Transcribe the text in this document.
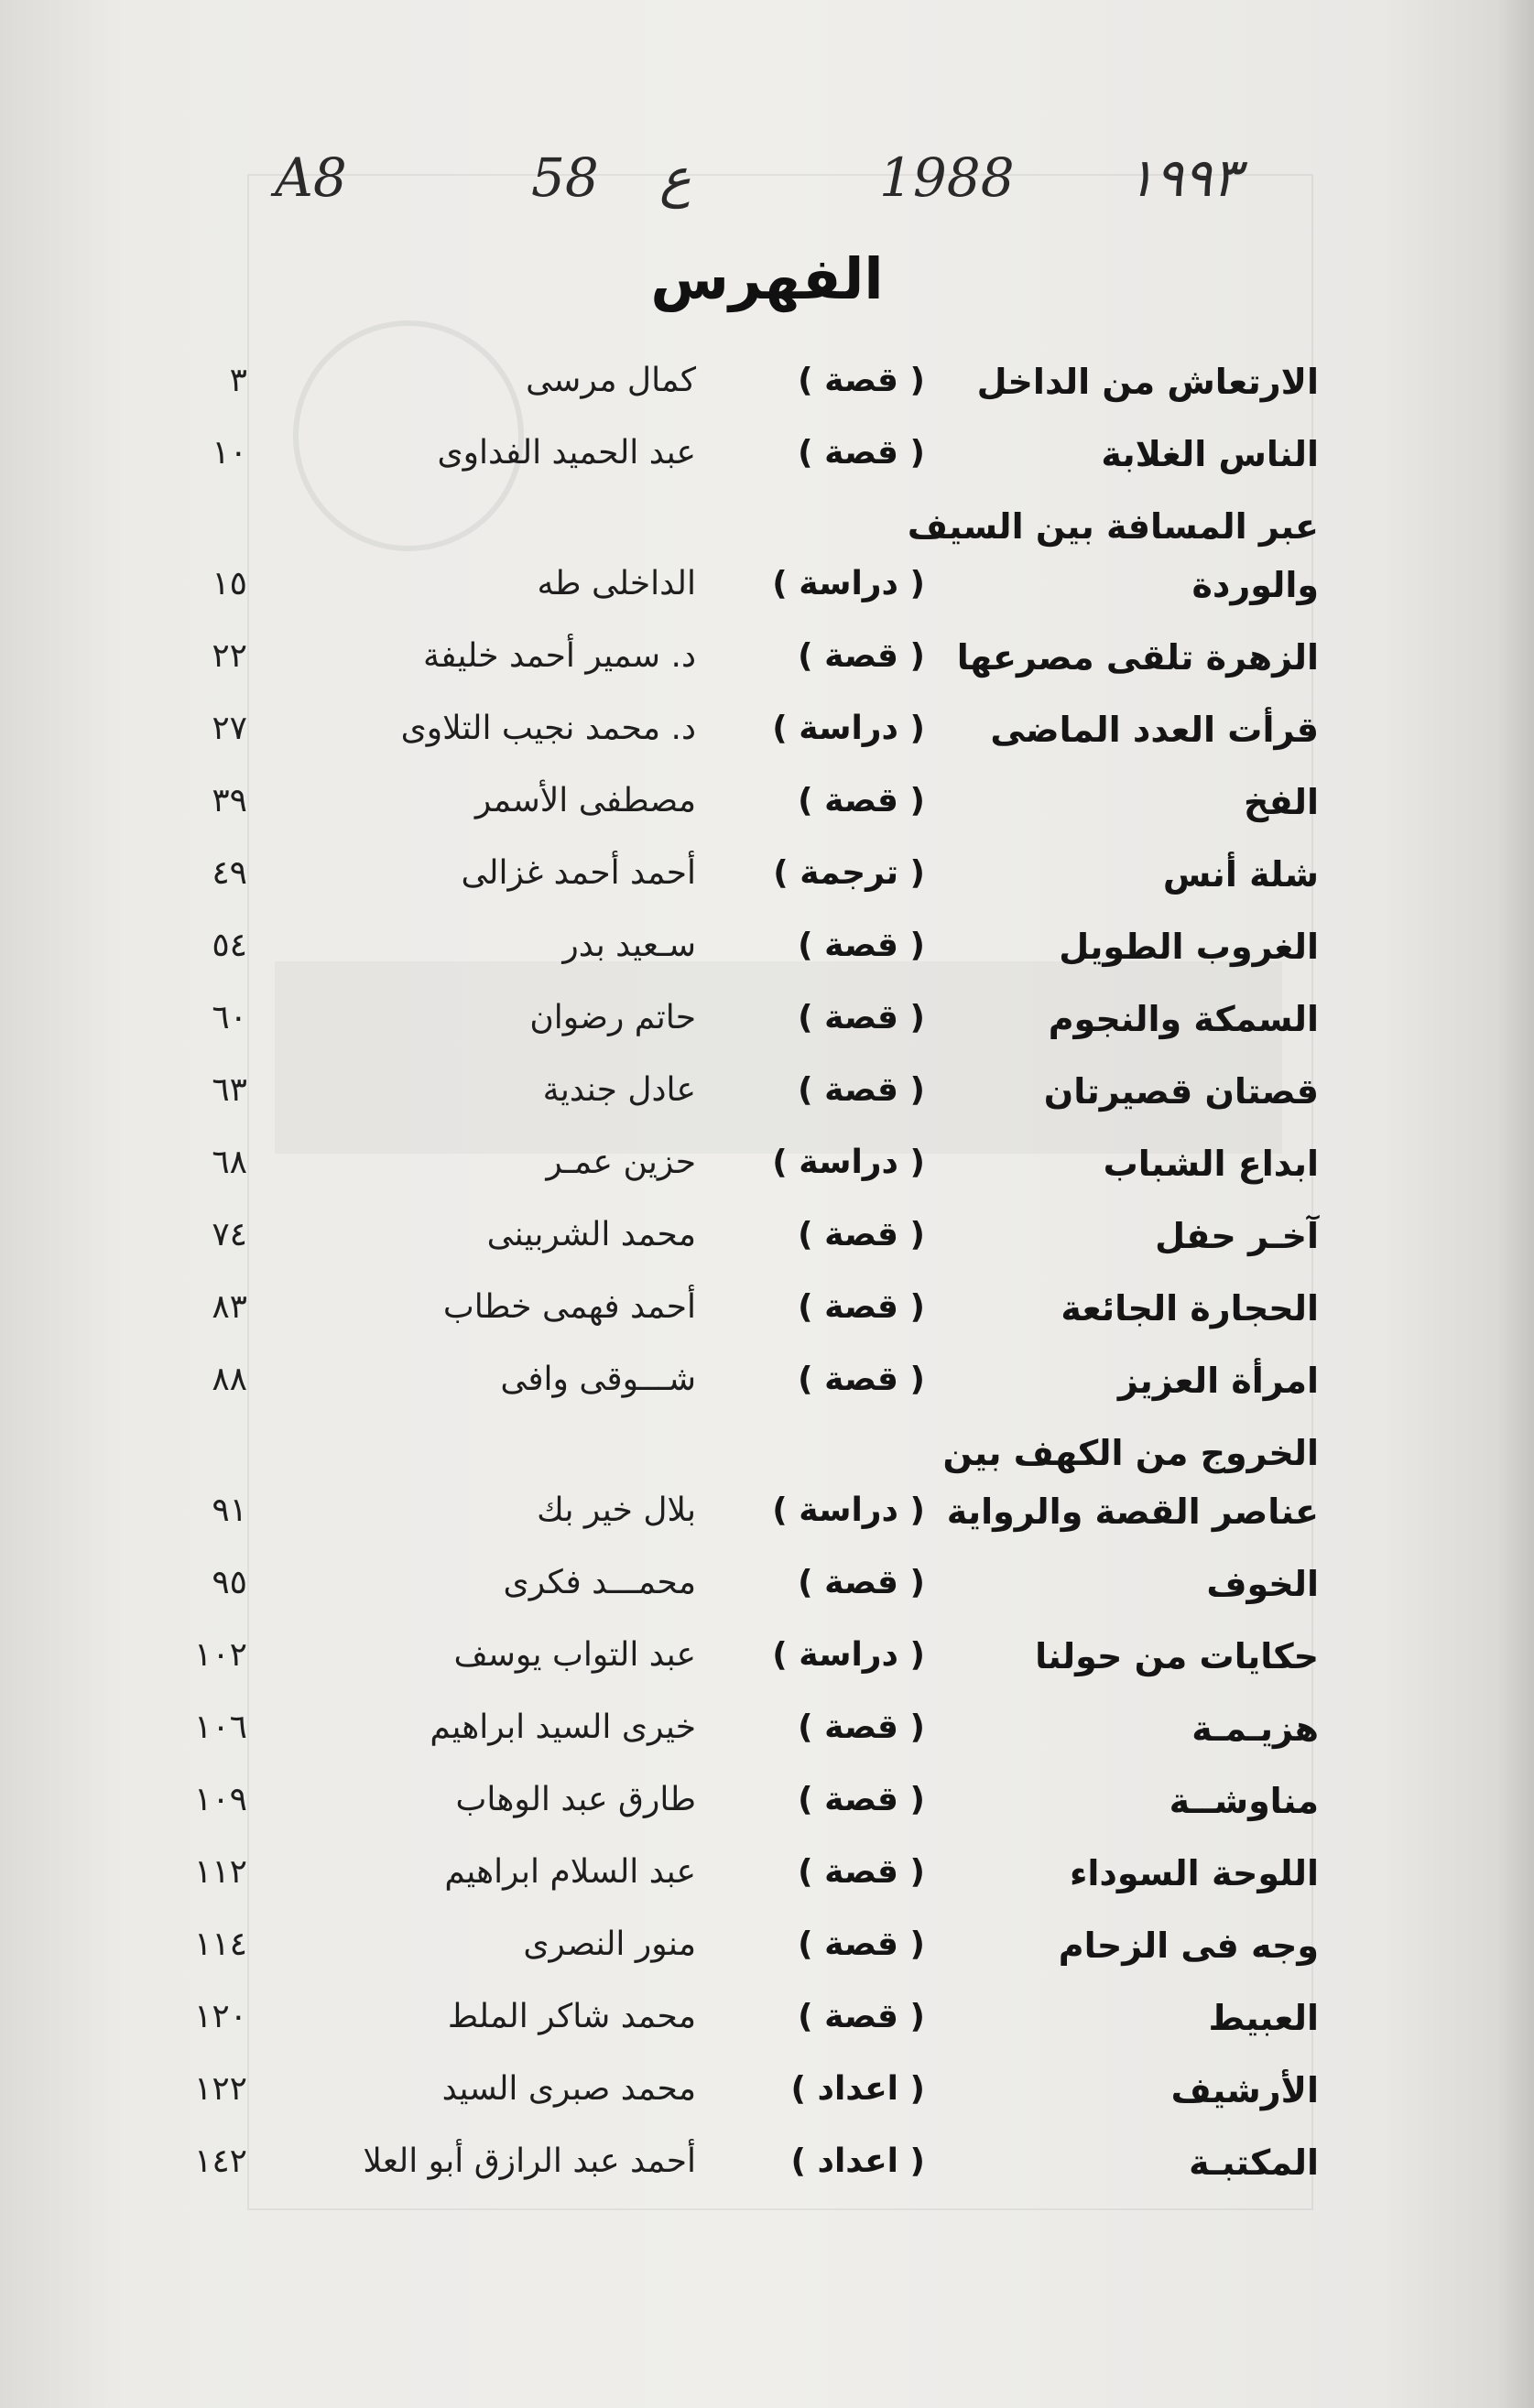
A8	58 ع	1988 ١٩٩٣
الفهرس
الارتعاش من الداخل
( قصة )
كمال مرسى
٣
الناس الغلابة
( قصة )
عبد الحميد الفداوى
١٠
عبر المسافة بين السيف
والوردة
( دراسة )
الداخلى طه
١٥
الزهرة تلقى مصرعها
( قصة )
د. سمير أحمد خليفة
٢٢
قرأت العدد الماضى
( دراسة )
د. محمد نجيب التلاوى
٢٧
الفخ
( قصة )
مصطفى الأسمر
٣٩
شلة أنس
( ترجمة )
أحمد أحمد غزالى
٤٩
الغروب الطويل
( قصة )
سـعيد بدر
٥٤
السمكة والنجوم
( قصة )
حاتم رضوان
٦٠
قصتان قصيرتان
( قصة )
عادل جندية
٦٣
ابداع الشباب
( دراسة )
حزين عمـر
٦٨
آخـر حفل
( قصة )
محمد الشربينى
٧٤
الحجارة الجائعة
( قصة )
أحمد فهمى خطاب
٨٣
امرأة العزيز
( قصة )
شـــوقى وافى
٨٨
الخروج من الكهف بين
عناصر القصة والرواية
( دراسة )
بلال خير بك
٩١
الخوف
( قصة )
محمـــد فكرى
٩٥
حكايات من حولنا
( دراسة )
عبد التواب يوسف
١٠٢
هزيـمـة
( قصة )
خيرى السيد ابراهيم
١٠٦
مناوشــة
( قصة )
طارق عبد الوهاب
١٠٩
اللوحة السوداء
( قصة )
عبد السلام ابراهيم
١١٢
وجه فى الزحام
( قصة )
منور النصرى
١١٤
العبيط
( قصة )
محمد شاكر الملط
١٢٠
الأرشيف
( اعداد )
محمد صبرى السيد
١٢٢
المكتبـة
( اعداد )
أحمد عبد الرازق أبو العلا
١٤٢
